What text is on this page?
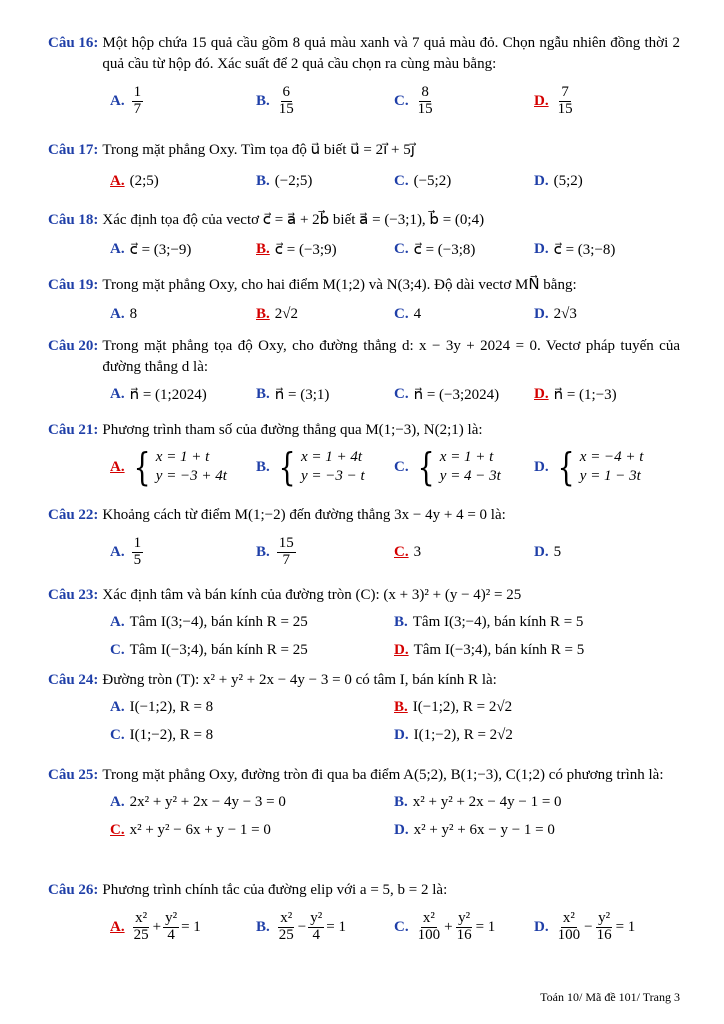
Câu 16: Một hộp chứa 15 quả cầu gồm 8 quả màu xanh và 7 quả màu đỏ. Chọn ngẫu nhiên đồng thời 2 quả cầu từ hộp đó. Xác suất để 2 quả cầu chọn ra cùng màu bằng:
A. $\frac{1}{7}$	B. $\frac{6}{15}$	C. $\frac{8}{15}$	D. $\frac{7}{15}$
Câu 17: Trong mặt phẳng Oxy. Tìm tọa độ u⃗ biết u⃗ = 2i⃗ + 5j⃗
A. (2;5)	B. (−2;5)	C. (−5;2)	D. (5;2)
Câu 18: Xác định tọa độ của vectơ c⃗ = a⃗ + 2b⃗ biết a⃗ = (−3;1), b⃗ = (0;4)
A. c⃗ = (3;−9)	B. c⃗ = (−3;9)	C. c⃗ = (−3;8)	D. c⃗ = (3;−8)
Câu 19: Trong mặt phẳng Oxy, cho hai điểm M(1;2) và N(3;4). Độ dài vectơ MN⃗ bằng:
A. 8	B. 2√2	C. 4	D. 2√3
Câu 20: Trong mặt phẳng tọa độ Oxy, cho đường thẳng d: x − 3y + 2024 = 0. Vectơ pháp tuyến của đường thẳng d là:
A. n⃗ = (1;2024)	B. n⃗ = (3;1)	C. n⃗ = (−3;2024) D. n⃗ = (1;−3)
Câu 21: Phương trình tham số của đường thẳng qua M(1;−3), N(2;1) là:
A. { x = 1 + t
y = −3 + 4t
B. { x = 1 + 4t
y = −3 − t
C. { x = 1 + t
y = 4 − 3t
D. { x = −4 + t
y = 1 − 3t
Câu 22: Khoảng cách từ điểm M(1;−2) đến đường thẳng 3x − 4y + 4 = 0 là:
A. $\frac{1}{5}$	B. $\frac{15}{7}$	C. 3	D. 5
Câu 23: Xác định tâm và bán kính của đường tròn (C): (x + 3)² + (y − 4)² = 25
A. Tâm I(3;−4), bán kính R = 25	B. Tâm I(3;−4), bán kính R = 5
C. Tâm I(−3;4), bán kính R = 25	D. Tâm I(−3;4), bán kính R = 5
Câu 24: Đường tròn (T): x² + y² + 2x − 4y − 3 = 0 có tâm I, bán kính R là:
A. I(−1;2), R = 8	B. I(−1;2), R = 2√2
C. I(1;−2), R = 8	D. I(1;−2), R = 2√2
Câu 25: Trong mặt phẳng Oxy, đường tròn đi qua ba điểm A(5;2), B(1;−3), C(1;2) có phương trình là:
A. 2x² + y² + 2x − 4y − 3 = 0	B. x² + y² + 2x − 4y − 1 = 0
C. x² + y² − 6x + y − 1 = 0	D. x² + y² + 6x − y − 1 = 0
Câu 26: Phương trình chính tắc của đường elip với a = 5, b = 2 là:
A. $\frac{\text{x²}}{25} + \frac{\text{y²}}{4} = 1$	B. $\frac{\text{x²}}{25} - \frac{\text{y²}}{4} = 1$	C. $\frac{\text{x²}}{100} + \frac{\text{y²}}{16} = 1$	D. $\frac{\text{x²}}{100} - \frac{\text{y²}}{16} = 1$
Toán 10/ Mã đề 101/ Trang 3
